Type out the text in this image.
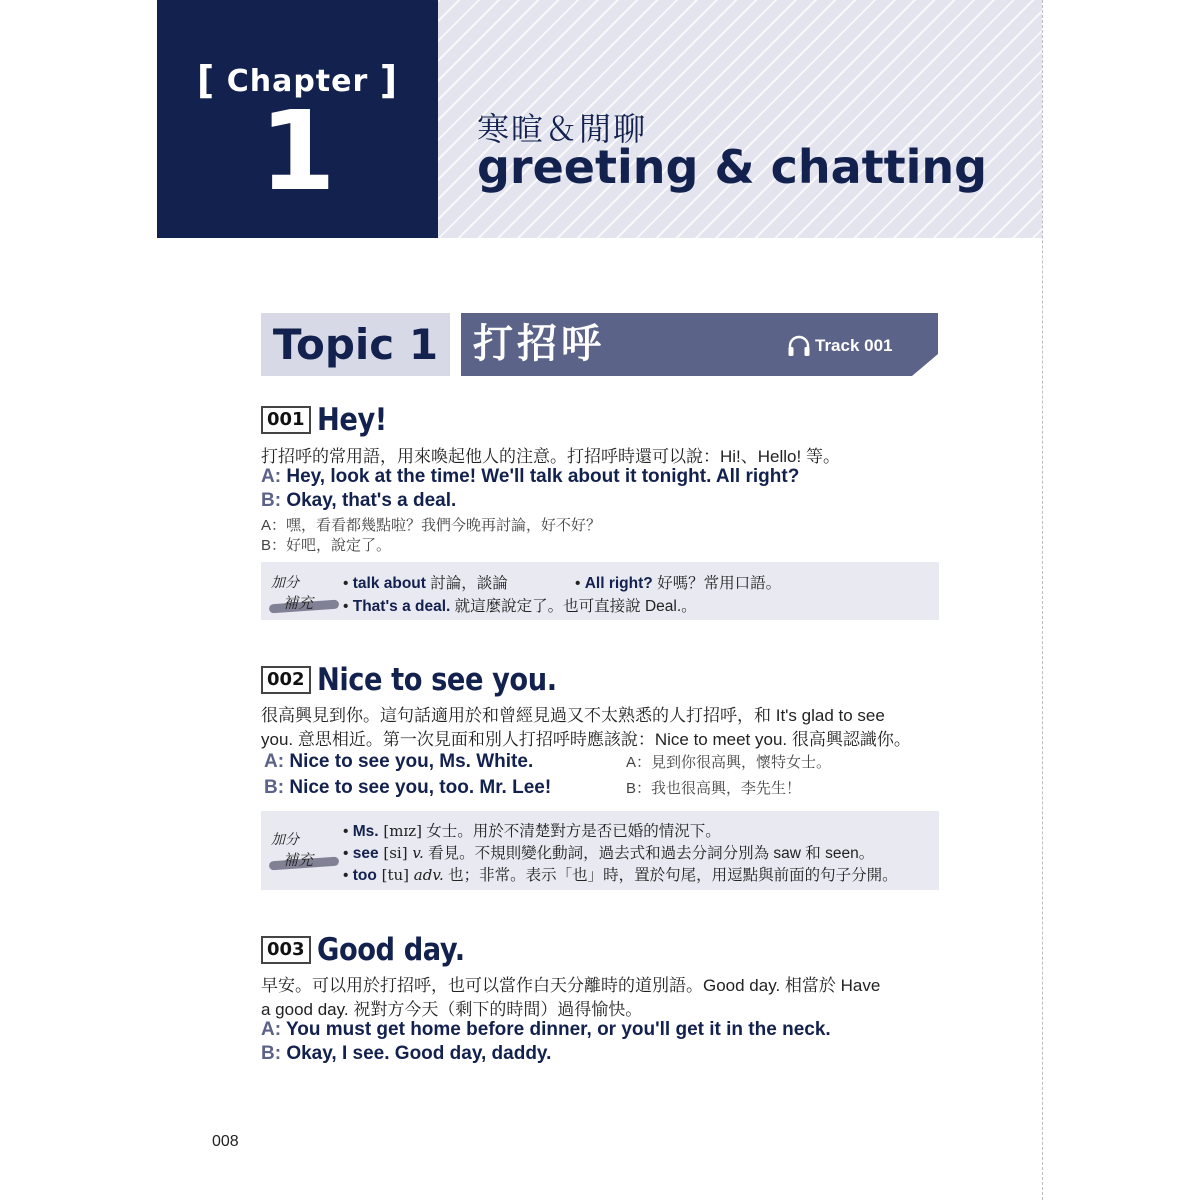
[ Chapter ]
1	寒暄＆閒聊
greeting & chatting
Topic 1 打招呼	Track 001
001 Hey!
打招呼的常用語，用來喚起他人的注意。打招呼時還可以說：Hi!、Hello! 等。
A: Hey, look at the time! We'll talk about it tonight. All right?
B: Okay, that's a deal.
A：嘿，看看都幾點啦？我們今晚再討論，好不好？
B：好吧，說定了。
加分
補充
• talk about 討論，談論	• All right? 好嗎？常用口語。
• That's a deal. 就這麼說定了。也可直接說 Deal.。
002 Nice to see you.
很高興見到你。這句話適用於和曾經見過又不太熟悉的人打招呼，和 It's glad to see
you. 意思相近。第一次見面和別人打招呼時應該說：Nice to meet you. 很高興認識你。
A: Nice to see you, Ms. White.	A：見到你很高興，懷特女士。
B: Nice to see you, too. Mr. Lee!	B：我也很高興，李先生！
加分
補充
• Ms. [mɪz] 女士。用於不清楚對方是否已婚的情況下。
• see [si] v. 看見。不規則變化動詞，過去式和過去分詞分別為 saw 和 seen。
• too [tu] adv. 也；非常。表示「也」時，置於句尾，用逗點與前面的句子分開。
003 Good day.
早安。可以用於打招呼，也可以當作白天分離時的道別語。Good day. 相當於 Have
a good day. 祝對方今天（剩下的時間）過得愉快。
A: You must get home before dinner, or you'll get it in the neck.
B: Okay, I see. Good day, daddy.
008
